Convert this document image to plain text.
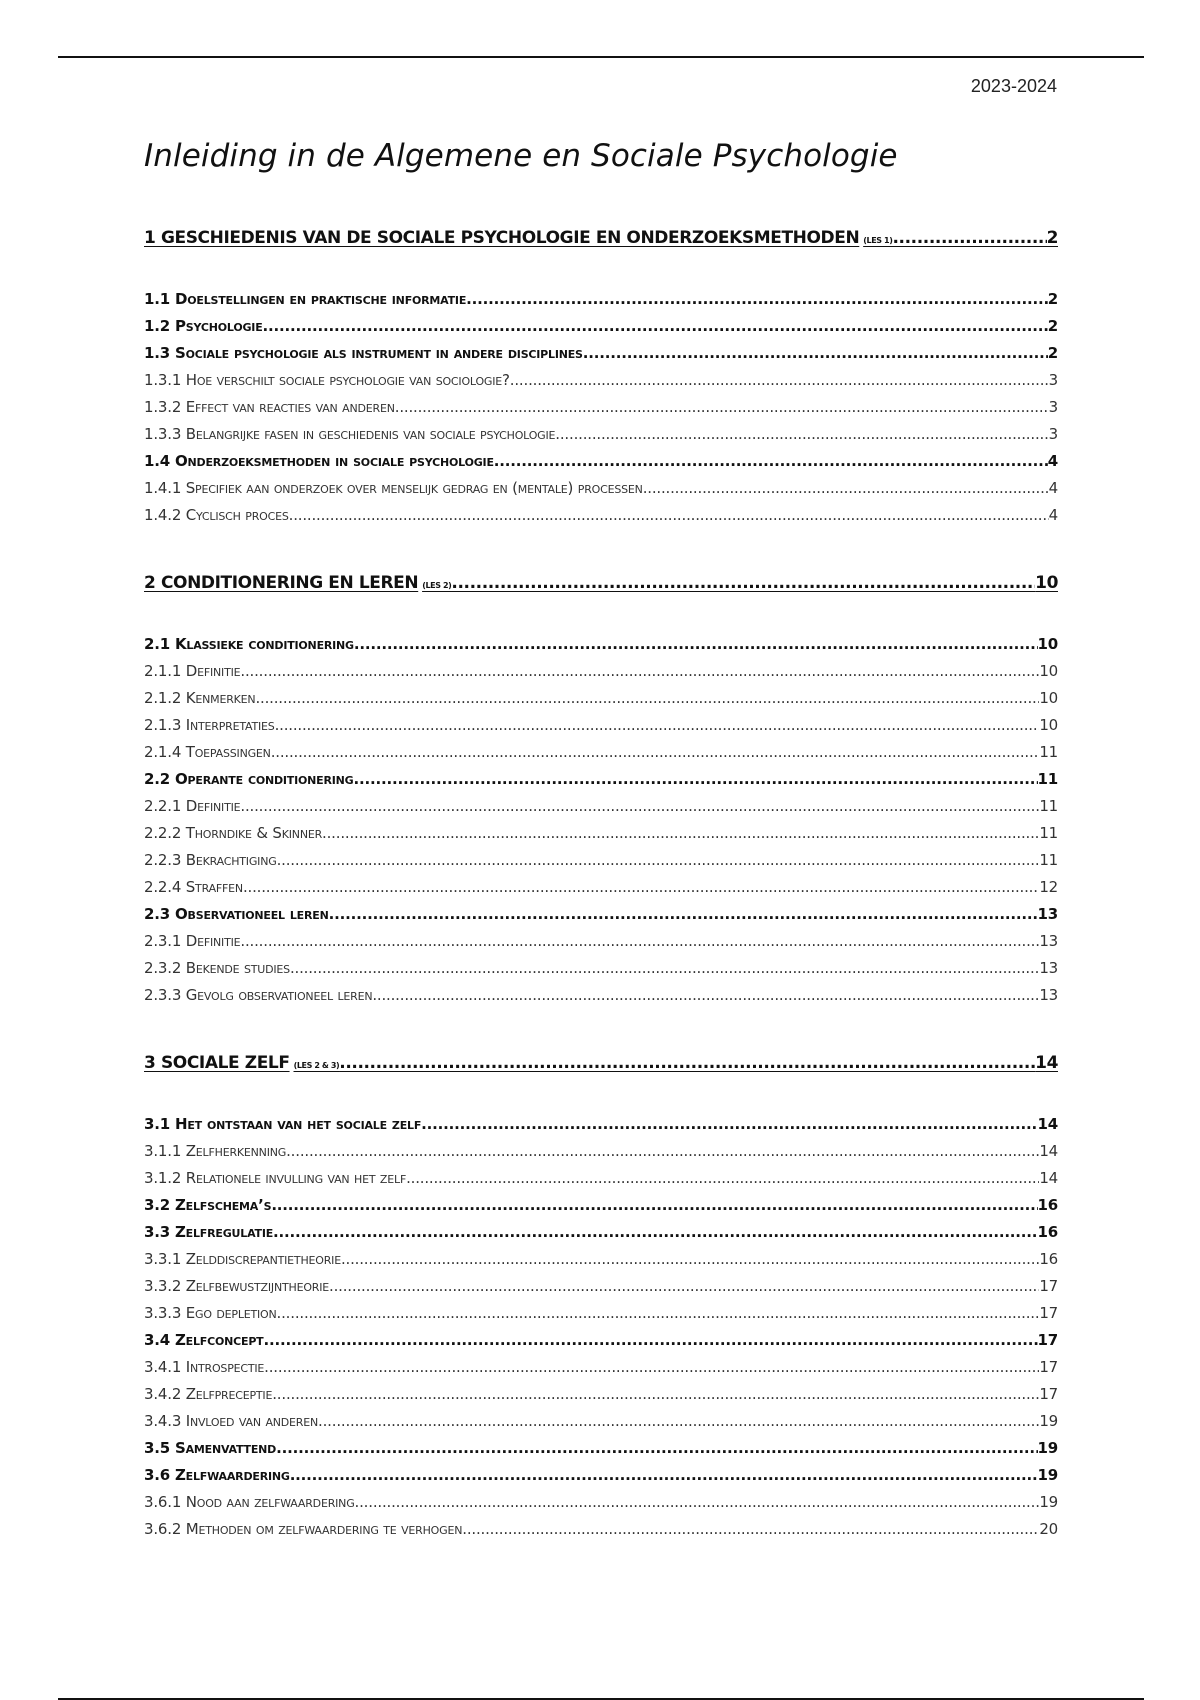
2023-2024
Inleiding in de Algemene en Sociale Psychologie
1 GESCHIEDENIS VAN DE SOCIALE PSYCHOLOGIE EN ONDERZOEKSMETHODEN (LES 1) .....	2
1.1 Doelstellingen en praktische informatie .....	2
1.2 Psychologie .....	2
1.3 Sociale psychologie als instrument in andere disciplines .....	2
1.3.1 Hoe verschilt sociale psychologie van sociologie? .....	3
1.3.2 Effect van reacties van anderen .....	3
1.3.3 Belangrijke fasen in geschiedenis van sociale psychologie .....	3
1.4 Onderzoeksmethoden in sociale psychologie .....	4
1.4.1 Specifiek aan onderzoek over menselijk gedrag en (mentale) processen .....	4
1.4.2 Cyclisch proces .....	4
2 CONDITIONERING EN LEREN (LES 2) .....	10
2.1 Klassieke conditionering .....	10
2.1.1 Definitie .....	10
2.1.2 Kenmerken .....	10
2.1.3 Interpretaties .....	10
2.1.4 Toepassingen .....	11
2.2 Operante conditionering .....	11
2.2.1 Definitie .....	11
2.2.2 Thorndike & Skinner .....	11
2.2.3 Bekrachtiging .....	11
2.2.4 Straffen .....	12
2.3 Observationeel leren .....	13
2.3.1 Definitie .....	13
2.3.2 Bekende studies .....	13
2.3.3 Gevolg observationeel leren .....	13
3 SOCIALE ZELF (LES 2 & 3) .....	14
3.1 Het ontstaan van het sociale zelf .....	14
3.1.1 Zelfherkenning .....	14
3.1.2 Relationele invulling van het zelf .....	14
3.2 Zelfschema’s .....	16
3.3 Zelfregulatie .....	16
3.3.1 Zelddiscrepantietheorie .....	16
3.3.2 Zelfbewustzijntheorie .....	17
3.3.3 Ego depletion .....	17
3.4 Zelfconcept .....	17
3.4.1 Introspectie .....	17
3.4.2 Zelfpreceptie .....	17
3.4.3 Invloed van anderen .....	19
3.5 Samenvattend .....	19
3.6 Zelfwaardering .....	19
3.6.1 Nood aan zelfwaardering .....	19
3.6.2 Methoden om zelfwaardering te verhogen .....	20
